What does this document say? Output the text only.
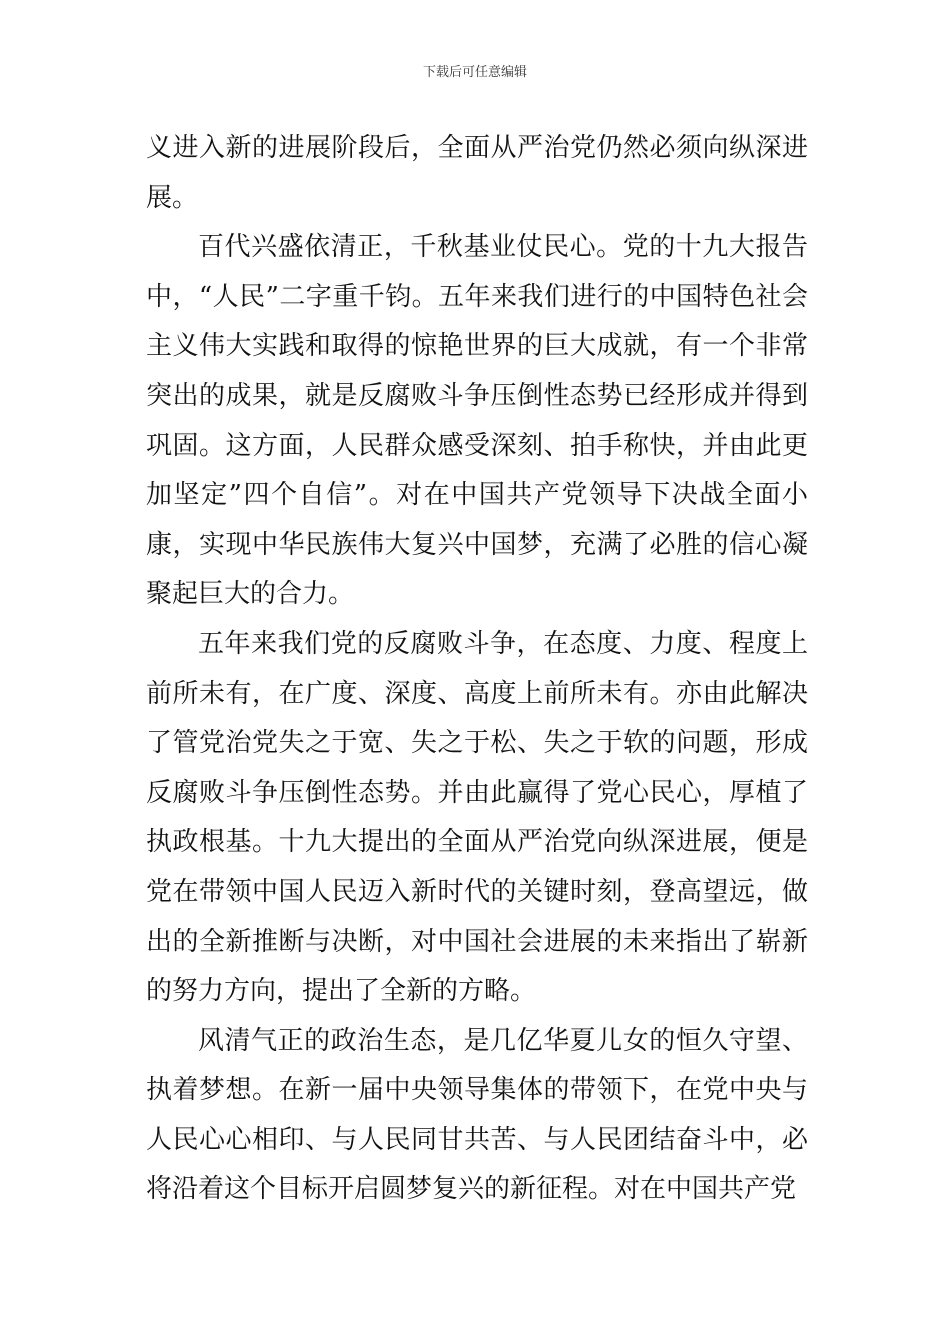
下载后可任意编辑

义进入新的进展阶段后，全面从严治党仍然必须向纵深进展。

百代兴盛依清正，千秋基业仗民心。党的十九大报告中，“人民”二字重千钧。五年来我们进行的中国特色社会主义伟大实践和取得的惊艳世界的巨大成就，有一个非常突出的成果，就是反腐败斗争压倒性态势已经形成并得到巩固。这方面，人民群众感受深刻、拍手称快，并由此更加坚定”四个自信”。对在中国共产党领导下决战全面小康，实现中华民族伟大复兴中国梦，充满了必胜的信心凝聚起巨大的合力。

五年来我们党的反腐败斗争，在态度、力度、程度上前所未有，在广度、深度、高度上前所未有。亦由此解决了管党治党失之于宽、失之于松、失之于软的问题，形成反腐败斗争压倒性态势。并由此赢得了党心民心，厚植了执政根基。十九大提出的全面从严治党向纵深进展，便是党在带领中国人民迈入新时代的关键时刻，登高望远，做出的全新推断与决断，对中国社会进展的未来指出了崭新的努力方向，提出了全新的方略。

风清气正的政治生态，是几亿华夏儿女的恒久守望、执着梦想。在新一届中央领导集体的带领下，在党中央与人民心心相印、与人民同甘共苦、与人民团结奋斗中，必将沿着这个目标开启圆梦复兴的新征程。对在中国共产党
